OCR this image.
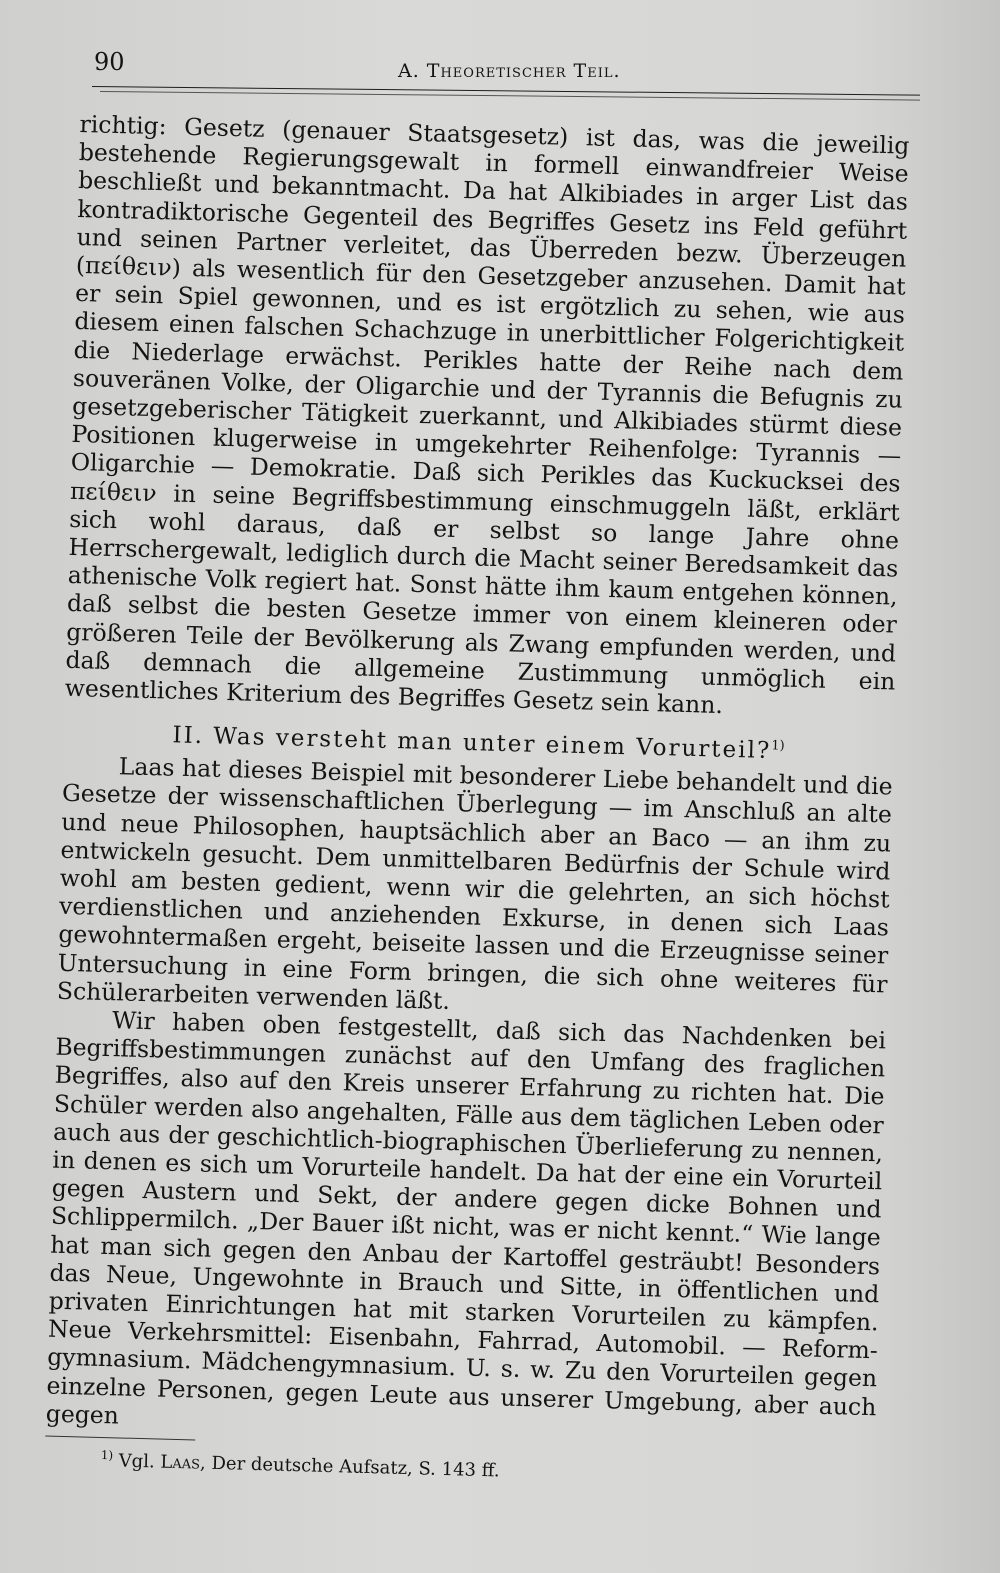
90	A. Theoretischer Teil.

richtig: Gesetz (genauer Staatsgesetz) ist das, was die jeweilig bestehende Regierungsgewalt in formell einwandfreier Weise beschließt und bekanntmacht. Da hat Alkibiades in arger List das kontradiktorische Gegenteil des Begriffes Gesetz ins Feld geführt und seinen Partner verleitet, das Überreden bezw. Überzeugen (πείθειν) als wesentlich für den Gesetzgeber anzusehen. Damit hat er sein Spiel gewonnen, und es ist ergötzlich zu sehen, wie aus diesem einen falschen Schachzuge in unerbittlicher Folgerichtigkeit die Niederlage erwächst. Perikles hatte der Reihe nach dem souveränen Volke, der Oligarchie und der Tyrannis die Befugnis zu gesetzgeberischer Tätigkeit zuerkannt, und Alkibiades stürmt diese Positionen klugerweise in umgekehrter Reihenfolge: Tyrannis — Oligarchie — Demokratie. Daß sich Perikles das Kuckucksei des πείθειν in seine Begriffsbestimmung einschmuggeln läßt, erklärt sich wohl daraus, daß er selbst so lange Jahre ohne Herrschergewalt, lediglich durch die Macht seiner Beredsamkeit das athenische Volk regiert hat. Sonst hätte ihm kaum entgehen können, daß selbst die besten Gesetze immer von einem kleineren oder größeren Teile der Bevölkerung als Zwang empfunden werden, und daß demnach die allgemeine Zustimmung unmöglich ein wesentliches Kriterium des Begriffes Gesetz sein kann.

II. Was versteht man unter einem Vorurteil?$^{1)}$

Laas hat dieses Beispiel mit besonderer Liebe behandelt und die Gesetze der wissenschaftlichen Überlegung — im Anschluß an alte und neue Philosophen, hauptsächlich aber an Baco — an ihm zu entwickeln gesucht. Dem unmittelbaren Bedürfnis der Schule wird wohl am besten gedient, wenn wir die gelehrten, an sich höchst verdienstlichen und anziehenden Exkurse, in denen sich Laas gewohntermaßen ergeht, beiseite lassen und die Erzeugnisse seiner Untersuchung in eine Form bringen, die sich ohne weiteres für Schülerarbeiten verwenden läßt.

Wir haben oben festgestellt, daß sich das Nachdenken bei Begriffsbestimmungen zunächst auf den Umfang des fraglichen Begriffes, also auf den Kreis unserer Erfahrung zu richten hat. Die Schüler werden also angehalten, Fälle aus dem täglichen Leben oder auch aus der geschichtlich-biographischen Überlieferung zu nennen, in denen es sich um Vorurteile handelt. Da hat der eine ein Vorurteil gegen Austern und Sekt, der andere gegen dicke Bohnen und Schlippermilch. „Der Bauer ißt nicht, was er nicht kennt.“ Wie lange hat man sich gegen den Anbau der Kartoffel gesträubt! Besonders das Neue, Ungewohnte in Brauch und Sitte, in öffentlichen und privaten Einrichtungen hat mit starken Vorurteilen zu kämpfen. Neue Verkehrsmittel: Eisenbahn, Fahrrad, Automobil. — Reformgymnasium. Mädchengymnasium. U. s. w. Zu den Vorurteilen gegen einzelne Personen, gegen Leute aus unserer Umgebung, aber auch gegen

$^{1)}$ Vgl. Laas, Der deutsche Aufsatz, S. 143 ff.
